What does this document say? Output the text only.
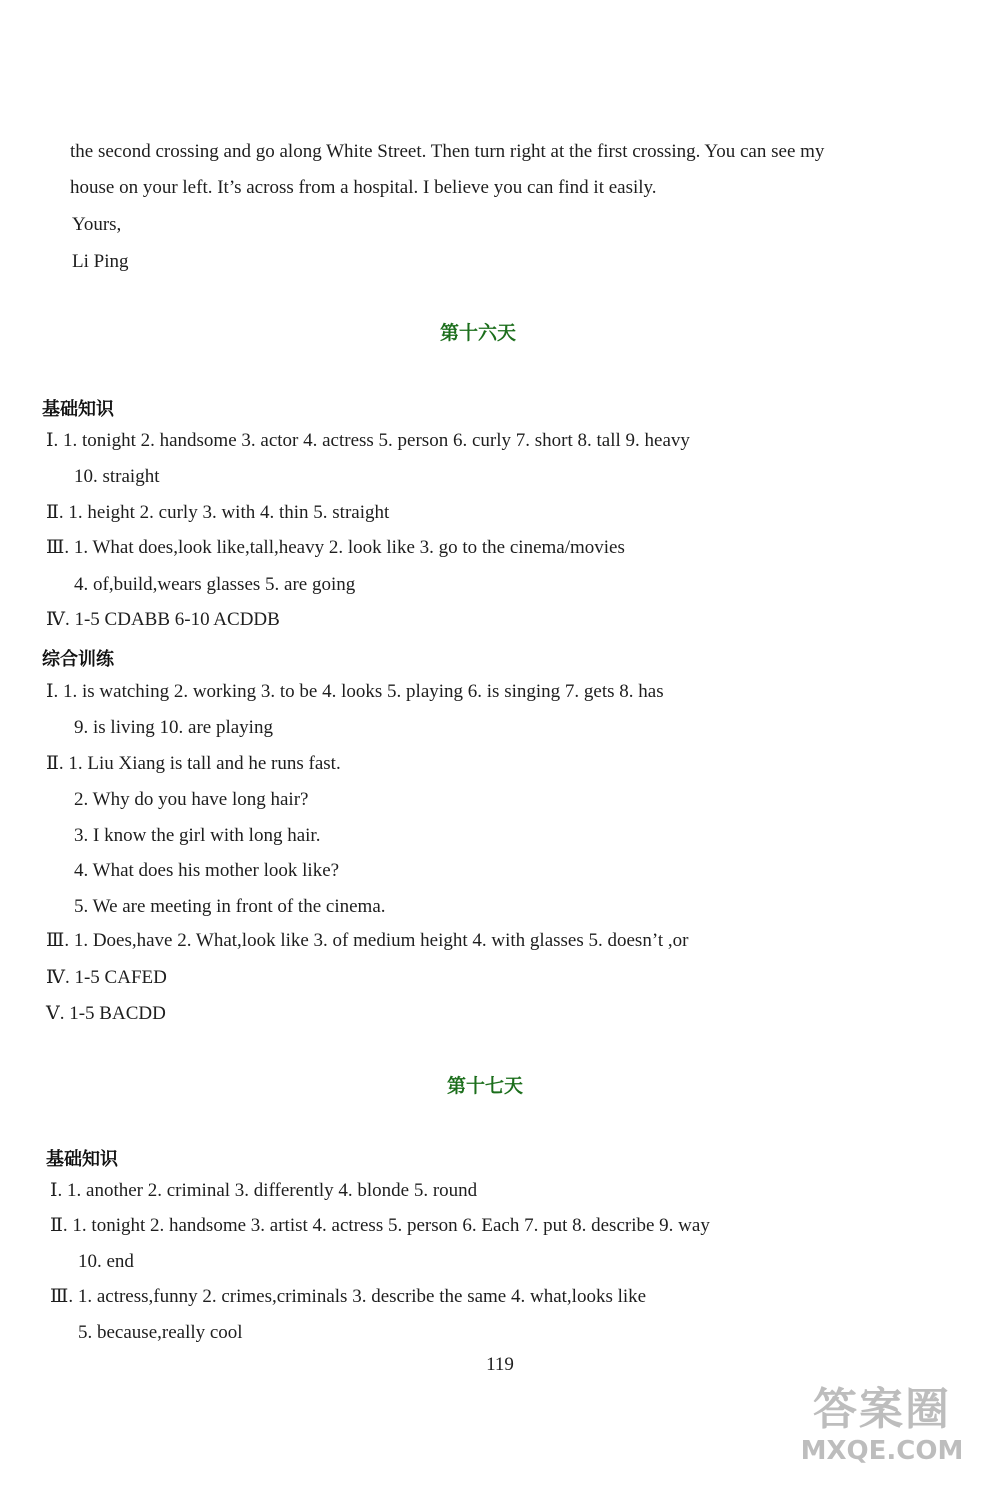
the second crossing and go along White Street. Then turn right at the first crossing. You can see my
house on your left. It’s across from a hospital. I believe you can find it easily.
Yours,
Li Ping
第十六天
基础知识
Ⅰ. 1. tonight 2. handsome 3. actor 4. actress 5. person 6. curly 7. short 8. tall 9. heavy
10. straight
Ⅱ. 1. height 2. curly 3. with 4. thin 5. straight
Ⅲ. 1. What does,look like,tall,heavy 2. look like 3. go to the cinema/movies
4. of,build,wears glasses 5. are going
Ⅳ. 1-5 CDABB 6-10 ACDDB
综合训练
Ⅰ. 1. is watching 2. working 3. to be 4. looks 5. playing 6. is singing 7. gets 8. has
9. is living 10. are playing
Ⅱ. 1. Liu Xiang is tall and he runs fast.
2. Why do you have long hair?
3. I know the girl with long hair.
4. What does his mother look like?
5. We are meeting in front of the cinema.
Ⅲ. 1. Does,have 2. What,look like 3. of medium height 4. with glasses 5. doesn’t ,or
Ⅳ. 1-5 CAFED
Ⅴ. 1-5 BACDD
第十七天
基础知识
Ⅰ. 1. another 2. criminal 3. differently 4. blonde 5. round
Ⅱ. 1. tonight 2. handsome 3. artist 4. actress 5. person 6. Each 7. put 8. describe 9. way
10. end
Ⅲ. 1. actress,funny 2. crimes,criminals 3. describe the same 4. what,looks like
5. because,really cool
119
答案圈
MXQE.COM
